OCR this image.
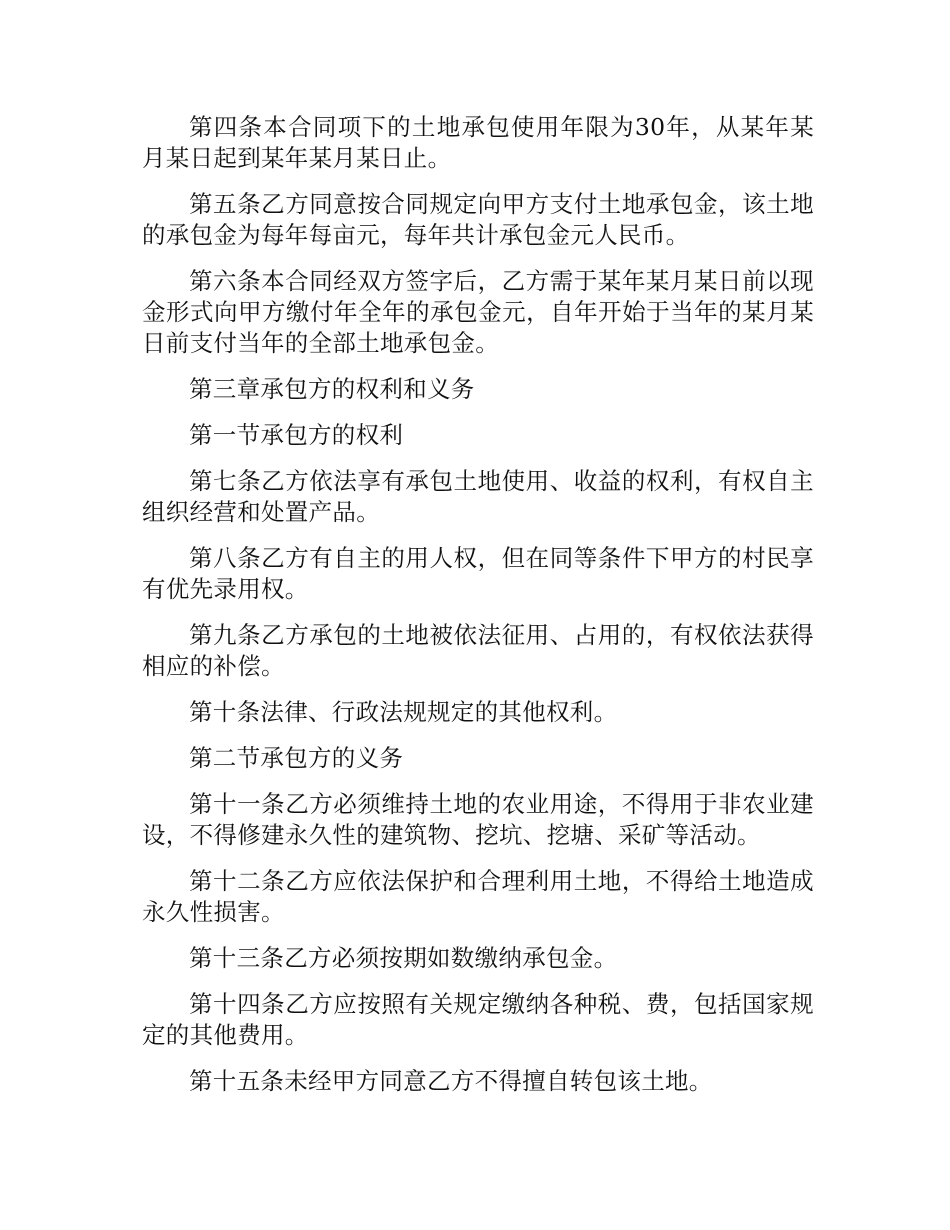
第四条本合同项下的土地承包使用年限为30年，从某年某月某日起到某年某月某日止。

第五条乙方同意按合同规定向甲方支付土地承包金，该土地的承包金为每年每亩元，每年共计承包金元人民币。

第六条本合同经双方签字后，乙方需于某年某月某日前以现金形式向甲方缴付年全年的承包金元，自年开始于当年的某月某日前支付当年的全部土地承包金。

第三章承包方的权利和义务

第一节承包方的权利

第七条乙方依法享有承包土地使用、收益的权利，有权自主组织经营和处置产品。

第八条乙方有自主的用人权，但在同等条件下甲方的村民享有优先录用权。

第九条乙方承包的土地被依法征用、占用的，有权依法获得相应的补偿。

第十条法律、行政法规规定的其他权利。

第二节承包方的义务

第十一条乙方必须维持土地的农业用途，不得用于非农业建设，不得修建永久性的建筑物、挖坑、挖塘、采矿等活动。

第十二条乙方应依法保护和合理利用土地，不得给土地造成永久性损害。

第十三条乙方必须按期如数缴纳承包金。

第十四条乙方应按照有关规定缴纳各种税、费，包括国家规定的其他费用。

第十五条未经甲方同意乙方不得擅自转包该土地。
